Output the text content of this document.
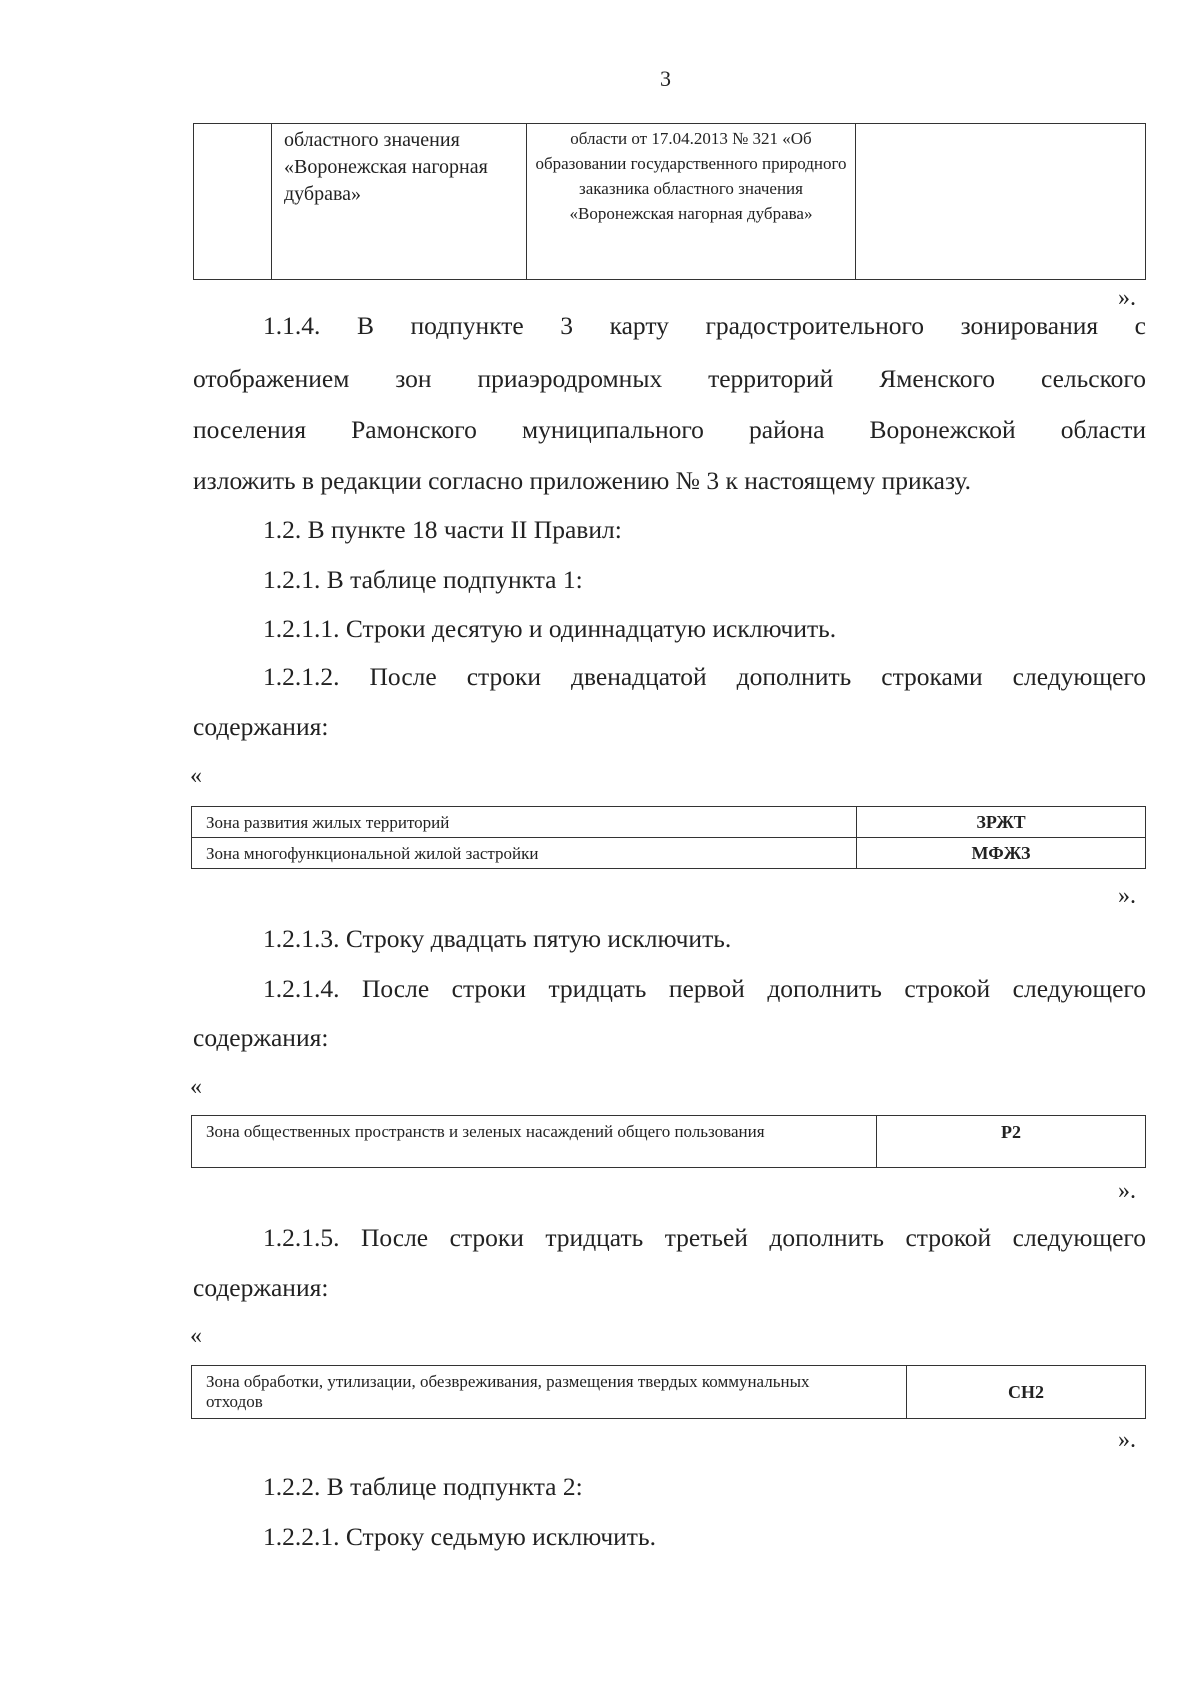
3
	областного значения «Воронежская нагорная дубрава»	области от 17.04.2013 № 321 «Об образовании государственного природного заказника областного значения «Воронежская нагорная дубрава»	
».
1.1.4. В подпункте 3 карту градостроительного зонирования с
отображением зон приаэродромных территорий Яменского сельского
поселения Рамонского муниципального района Воронежской области
изложить в редакции согласно приложению № 3 к настоящему приказу.
1.2. В пункте 18 части II Правил:
1.2.1. В таблице подпункта 1:
1.2.1.1. Строки десятую и одиннадцатую исключить.
1.2.1.2. После строки двенадцатой дополнить строками следующего
содержания:
«
Зона развития жилых территорий	ЗРЖТ
Зона многофункциональной жилой застройки	МФЖЗ
».
1.2.1.3. Строку двадцать пятую исключить.
1.2.1.4. После строки тридцать первой дополнить строкой следующего
содержания:
«
Зона общественных пространств и зеленых насаждений общего пользования	Р2
».
1.2.1.5. После строки тридцать третьей дополнить строкой следующего
содержания:
«
Зона обработки, утилизации, обезвреживания, размещения твердых коммунальных отходов	СН2
».
1.2.2. В таблице подпункта 2:
1.2.2.1. Строку седьмую исключить.
